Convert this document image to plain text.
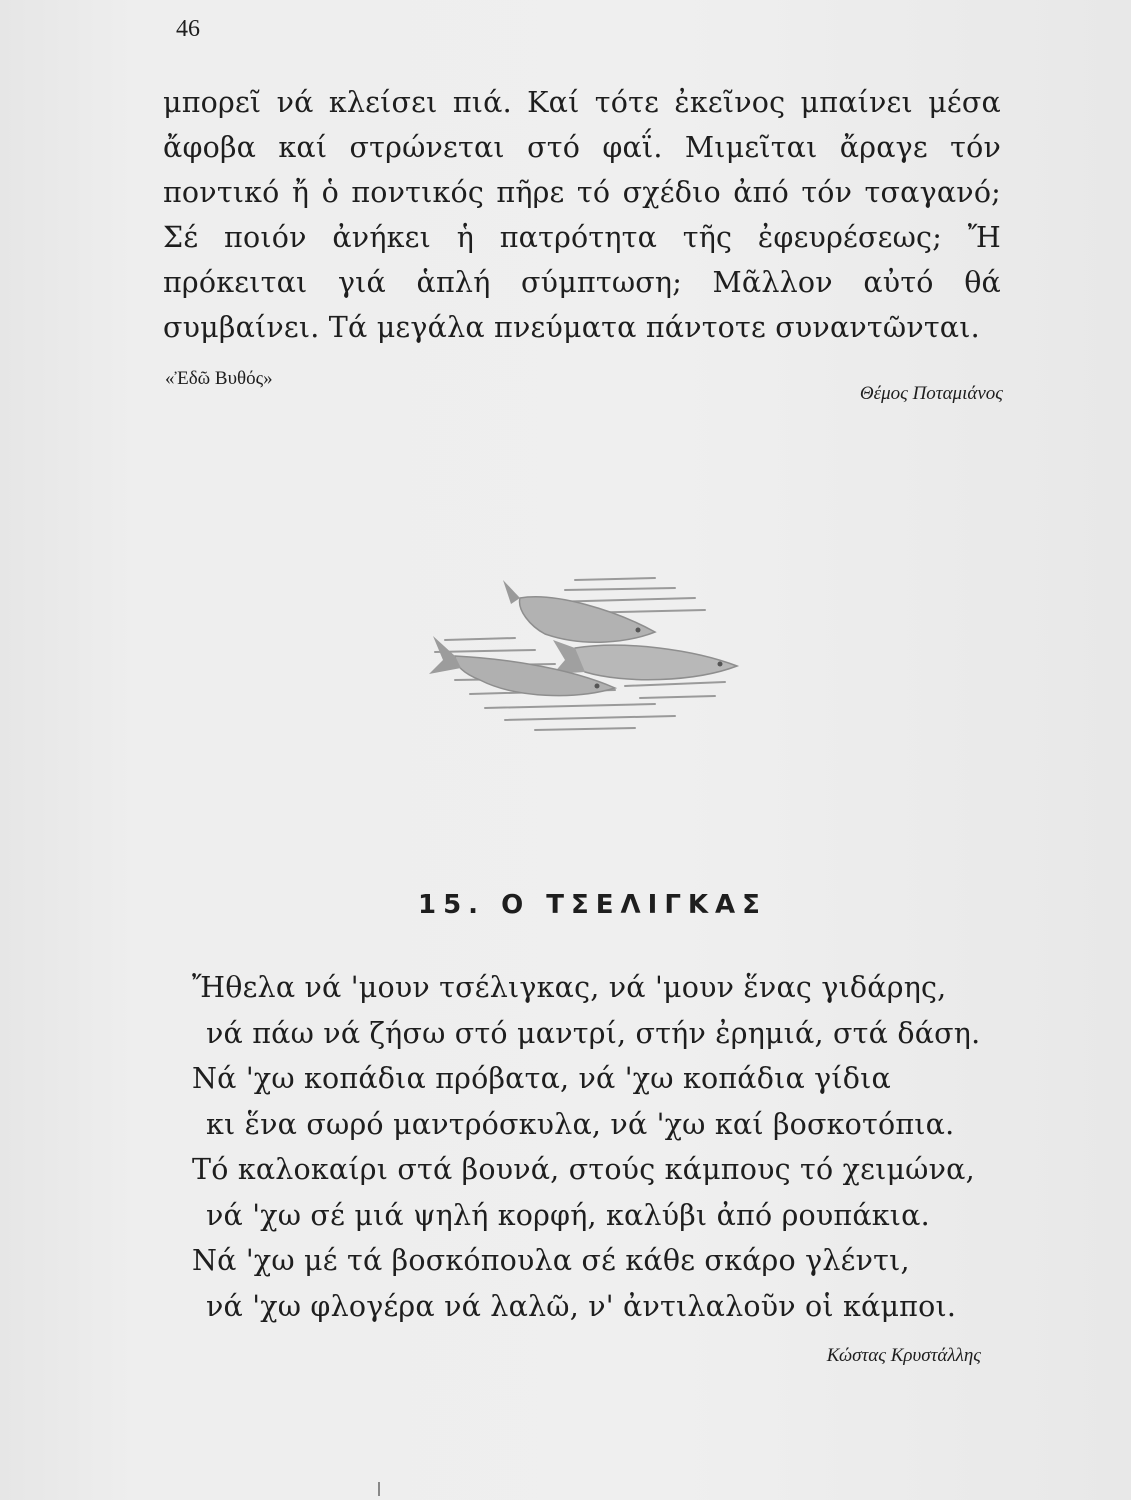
46

μπορεῖ νά κλείσει πιά. Καί τότε ἐκεῖνος μπαίνει μέσα ἄφοβα καί στρώνεται στό φαΐ. Μιμεῖται ἄραγε τόν ποντικό ἤ ὁ ποντικός πῆρε τό σχέδιο ἀπό τόν τσαγανό; Σέ ποιόν ἀνήκει ἡ πατρότητα τῆς ἐφευρέσεως; Ἤ πρόκειται γιά ἁπλή σύμπτωση; Μᾶλλον αὐτό θά συμβαίνει. Τά μεγάλα πνεύματα πάντοτε συναντῶνται.

«Ἐδῶ Βυθός»
Θέμος Ποταμιάνος
15. Ο ΤΣΕΛΙΓΚΑΣ
Ἤθελα νά 'μουν τσέλιγκας, νά 'μουν ἕνας γιδάρης,
νά πάω νά ζήσω στό μαντρί, στήν ἐρημιά, στά δάση.
Νά 'χω κοπάδια πρόβατα, νά 'χω κοπάδια γίδια
κι ἕνα σωρό μαντρόσκυλα, νά 'χω καί βοσκοτόπια.
Τό καλοκαίρι στά βουνά, στούς κάμπους τό χειμώνα,
νά 'χω σέ μιά ψηλή κορφή, καλύβι ἀπό ρουπάκια.
Νά 'χω μέ τά βοσκόπουλα σέ κάθε σκάρο γλέντι,
νά 'χω φλογέρα νά λαλῶ, ν' ἀντιλαλοῦν οἱ κάμποι.
Κώστας Κρυστάλλης
